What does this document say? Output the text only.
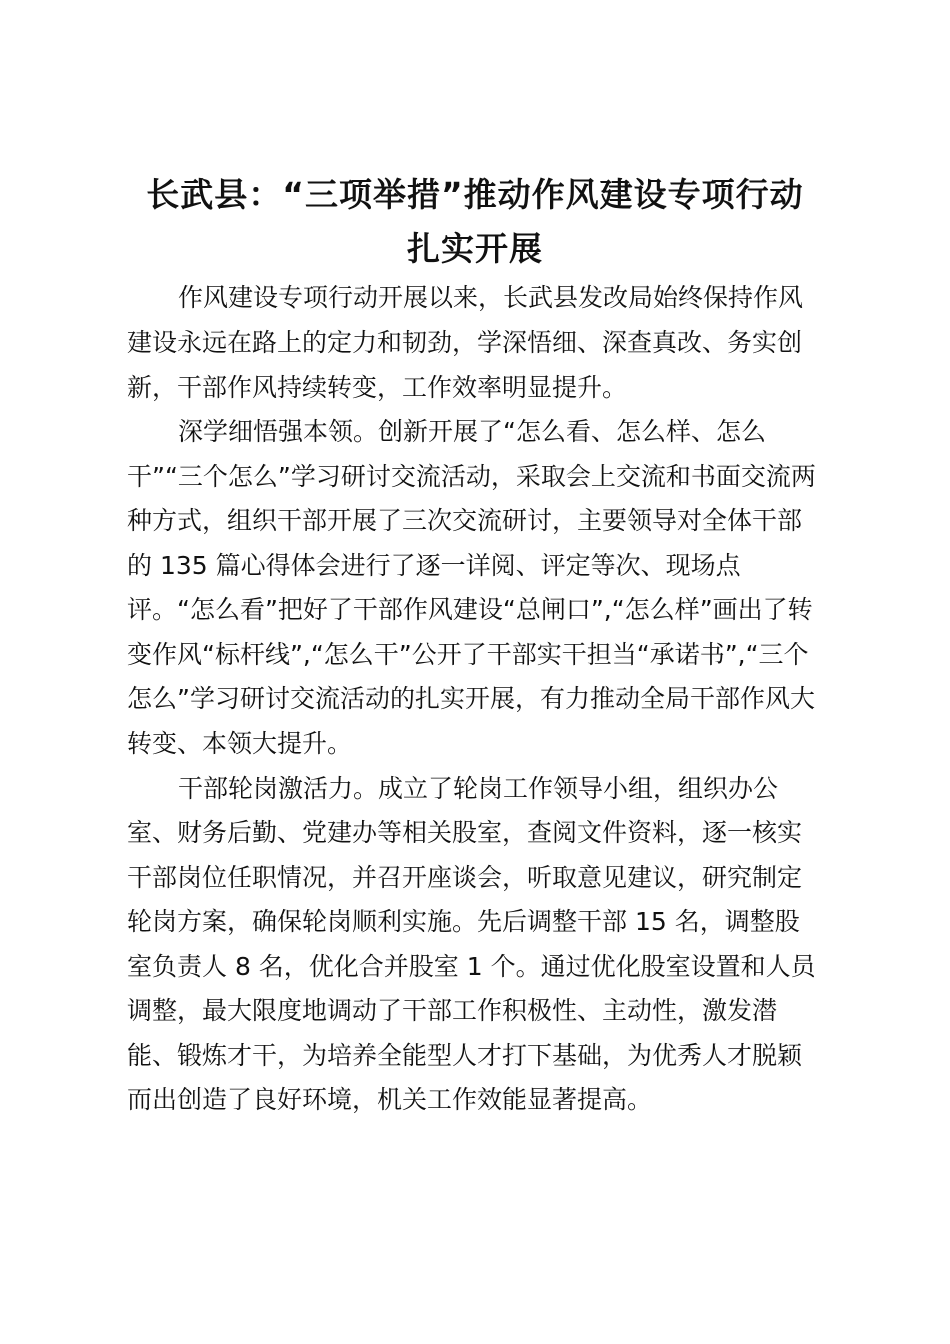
长武县：“三项举措”推动作风建设专项行动
扎实开展
作风建设专项行动开展以来，长武县发改局始终保持作风
建设永远在路上的定力和韧劲，学深悟细、深查真改、务实创
新，干部作风持续转变，工作效率明显提升。
深学细悟强本领。创新开展了“怎么看、怎么样、怎么
干”“三个怎么”学习研讨交流活动，采取会上交流和书面交流两
种方式，组织干部开展了三次交流研讨，主要领导对全体干部
的 135 篇心得体会进行了逐一详阅、评定等次、现场点
评。“怎么看”把好了干部作风建设“总闸口”,“怎么样”画出了转
变作风“标杆线”,“怎么干”公开了干部实干担当“承诺书”,“三个
怎么”学习研讨交流活动的扎实开展，有力推动全局干部作风大
转变、本领大提升。
干部轮岗激活力。成立了轮岗工作领导小组，组织办公
室、财务后勤、党建办等相关股室，查阅文件资料，逐一核实
干部岗位任职情况，并召开座谈会，听取意见建议，研究制定
轮岗方案，确保轮岗顺利实施。先后调整干部 15 名，调整股
室负责人 8 名，优化合并股室 1 个。通过优化股室设置和人员
调整，最大限度地调动了干部工作积极性、主动性，激发潜
能、锻炼才干，为培养全能型人才打下基础，为优秀人才脱颖
而出创造了良好环境，机关工作效能显著提高。
